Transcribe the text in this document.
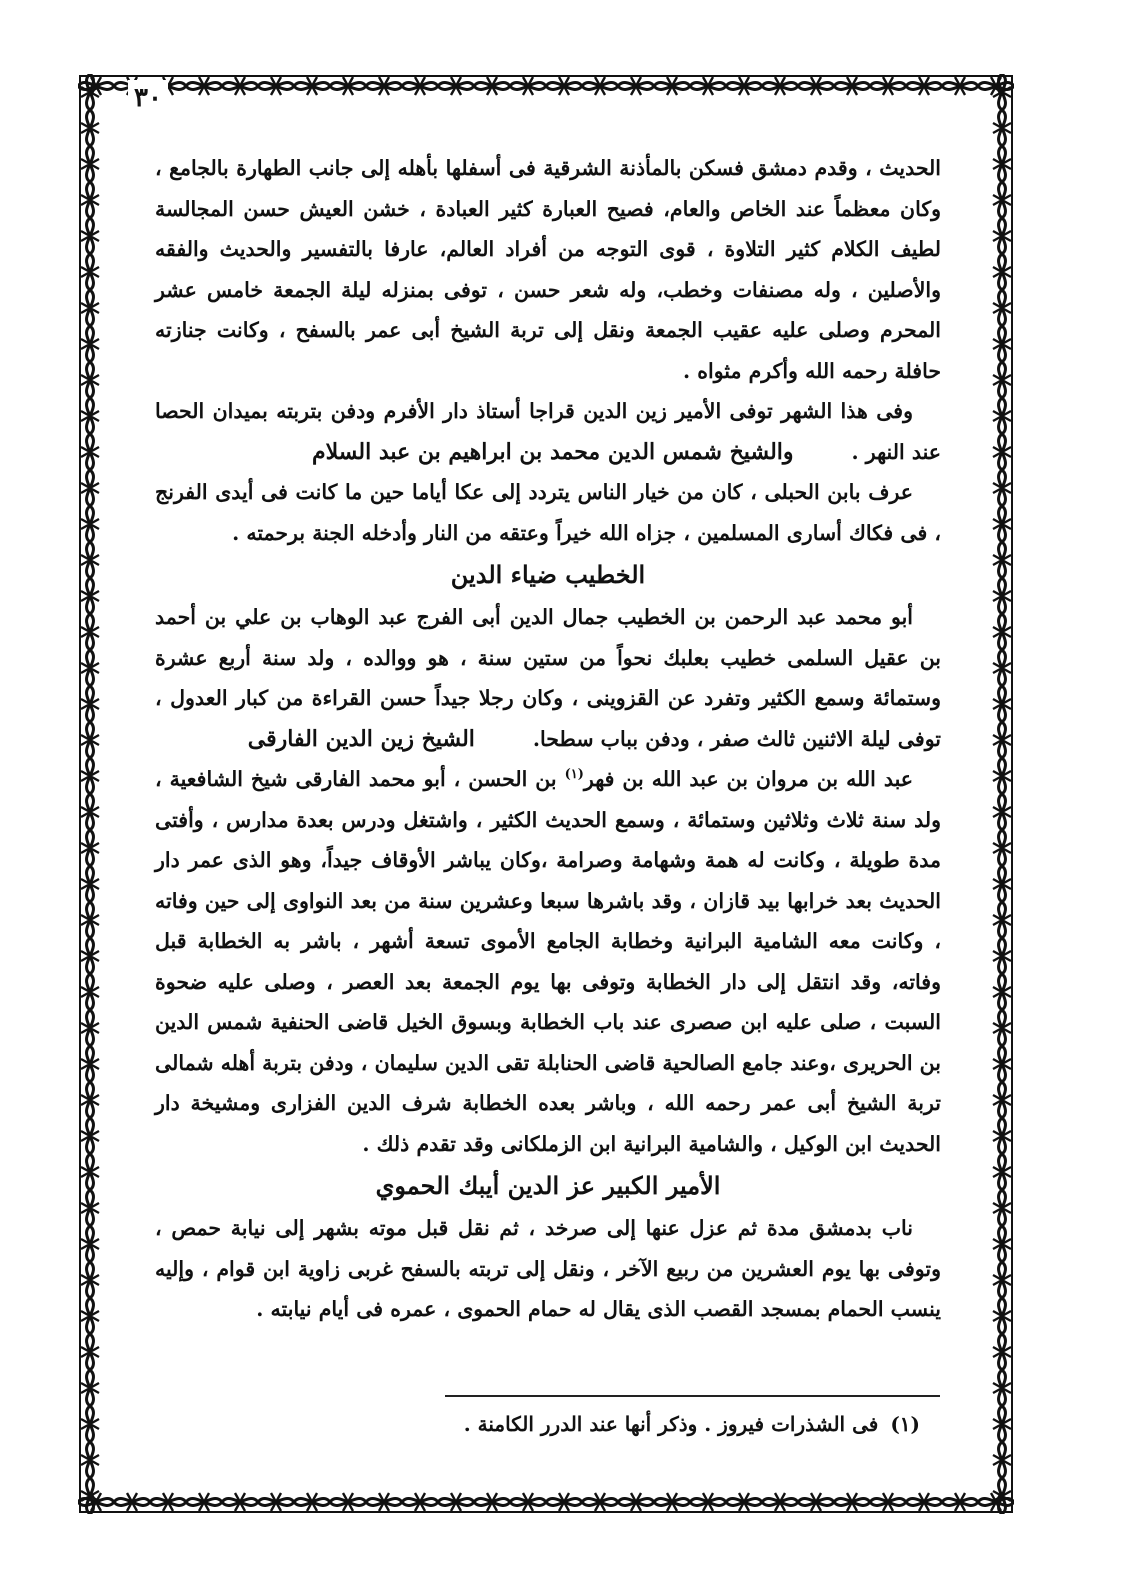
٣٠

الحديث ، وقدم دمشق فسكن بالمأذنة الشرقية فى أسفلها بأهله إلى جانب الطهارة بالجامع ، وكان معظماً عند الخاص والعام، فصيح العبارة كثير العبادة ، خشن العيش حسن المجالسة لطيف الكلام كثير التلاوة ، قوى التوجه من أفراد العالم، عارفا بالتفسير والحديث والفقه والأصلين ، وله مصنفات وخطب، وله شعر حسن ، توفى بمنزله ليلة الجمعة خامس عشر المحرم وصلى عليه عقيب الجمعة ونقل إلى تربة الشيخ أبى عمر بالسفح ، وكانت جنازته حافلة رحمه الله وأكرم مثواه .

وفى هذا الشهر توفى الأمير زين الدين قراجا أستاذ دار الأفرم ودفن بتربته بميدان الحصا عند النهر .والشيخ شمس الدين محمد بن ابراهيم بن عبد السلام

عرف بابن الحبلى ، كان من خيار الناس يتردد إلى عكا أياما حين ما كانت فى أيدى الفرنج ، فى فكاك أسارى المسلمين ، جزاه الله خيراً وعتقه من النار وأدخله الجنة برحمته .

الخطيب ضياء الدين

أبو محمد عبد الرحمن بن الخطيب جمال الدين أبى الفرج عبد الوهاب بن علي بن أحمد بن عقيل السلمى خطيب بعلبك نحواً من ستين سنة ، هو ووالده ، ولد سنة أربع عشرة وستمائة وسمع الكثير وتفرد عن القزوينى ، وكان رجلا جيداً حسن القراءة من كبار العدول ، توفى ليلة الاثنين ثالث صفر ، ودفن بباب سطحا.الشيخ زين الدين الفارقى

عبد الله بن مروان بن عبد الله بن فهر$^{(١)}$ بن الحسن ، أبو محمد الفارقى شيخ الشافعية ، ولد سنة ثلاث وثلاثين وستمائة ، وسمع الحديث الكثير ، واشتغل ودرس بعدة مدارس ، وأفتى مدة طويلة ، وكانت له همة وشهامة وصرامة ،وكان يباشر الأوقاف جيداً، وهو الذى عمر دار الحديث بعد خرابها بيد قازان ، وقد باشرها سبعا وعشرين سنة من بعد النواوى إلى حين وفاته ، وكانت معه الشامية البرانية وخطابة الجامع الأموى تسعة أشهر ، باشر به الخطابة قبل وفاته، وقد انتقل إلى دار الخطابة وتوفى بها يوم الجمعة بعد العصر ، وصلى عليه ضحوة السبت ، صلى عليه ابن صصرى عند باب الخطابة وبسوق الخيل قاضى الحنفية شمس الدين بن الحريرى ،وعند جامع الصالحية قاضى الحنابلة تقى الدين سليمان ، ودفن بتربة أهله شمالى تربة الشيخ أبى عمر رحمه الله ، وباشر بعده الخطابة شرف الدين الفزارى ومشيخة دار الحديث ابن الوكيل ، والشامية البرانية ابن الزملكانى وقد تقدم ذلك .

الأمير الكبير عز الدين أيبك الحموي

ناب بدمشق مدة ثم عزل عنها إلى صرخد ، ثم نقل قبل موته بشهر إلى نيابة حمص ، وتوفى بها يوم العشرين من ربيع الآخر ، ونقل إلى تربته بالسفح غربى زاوية ابن قوام ، وإليه ينسب الحمام بمسجد القصب الذى يقال له حمام الحموى ، عمره فى أيام نيابته .

(١)فى الشذرات فيروز . وذكر أنها عند الدرر الكامنة .
